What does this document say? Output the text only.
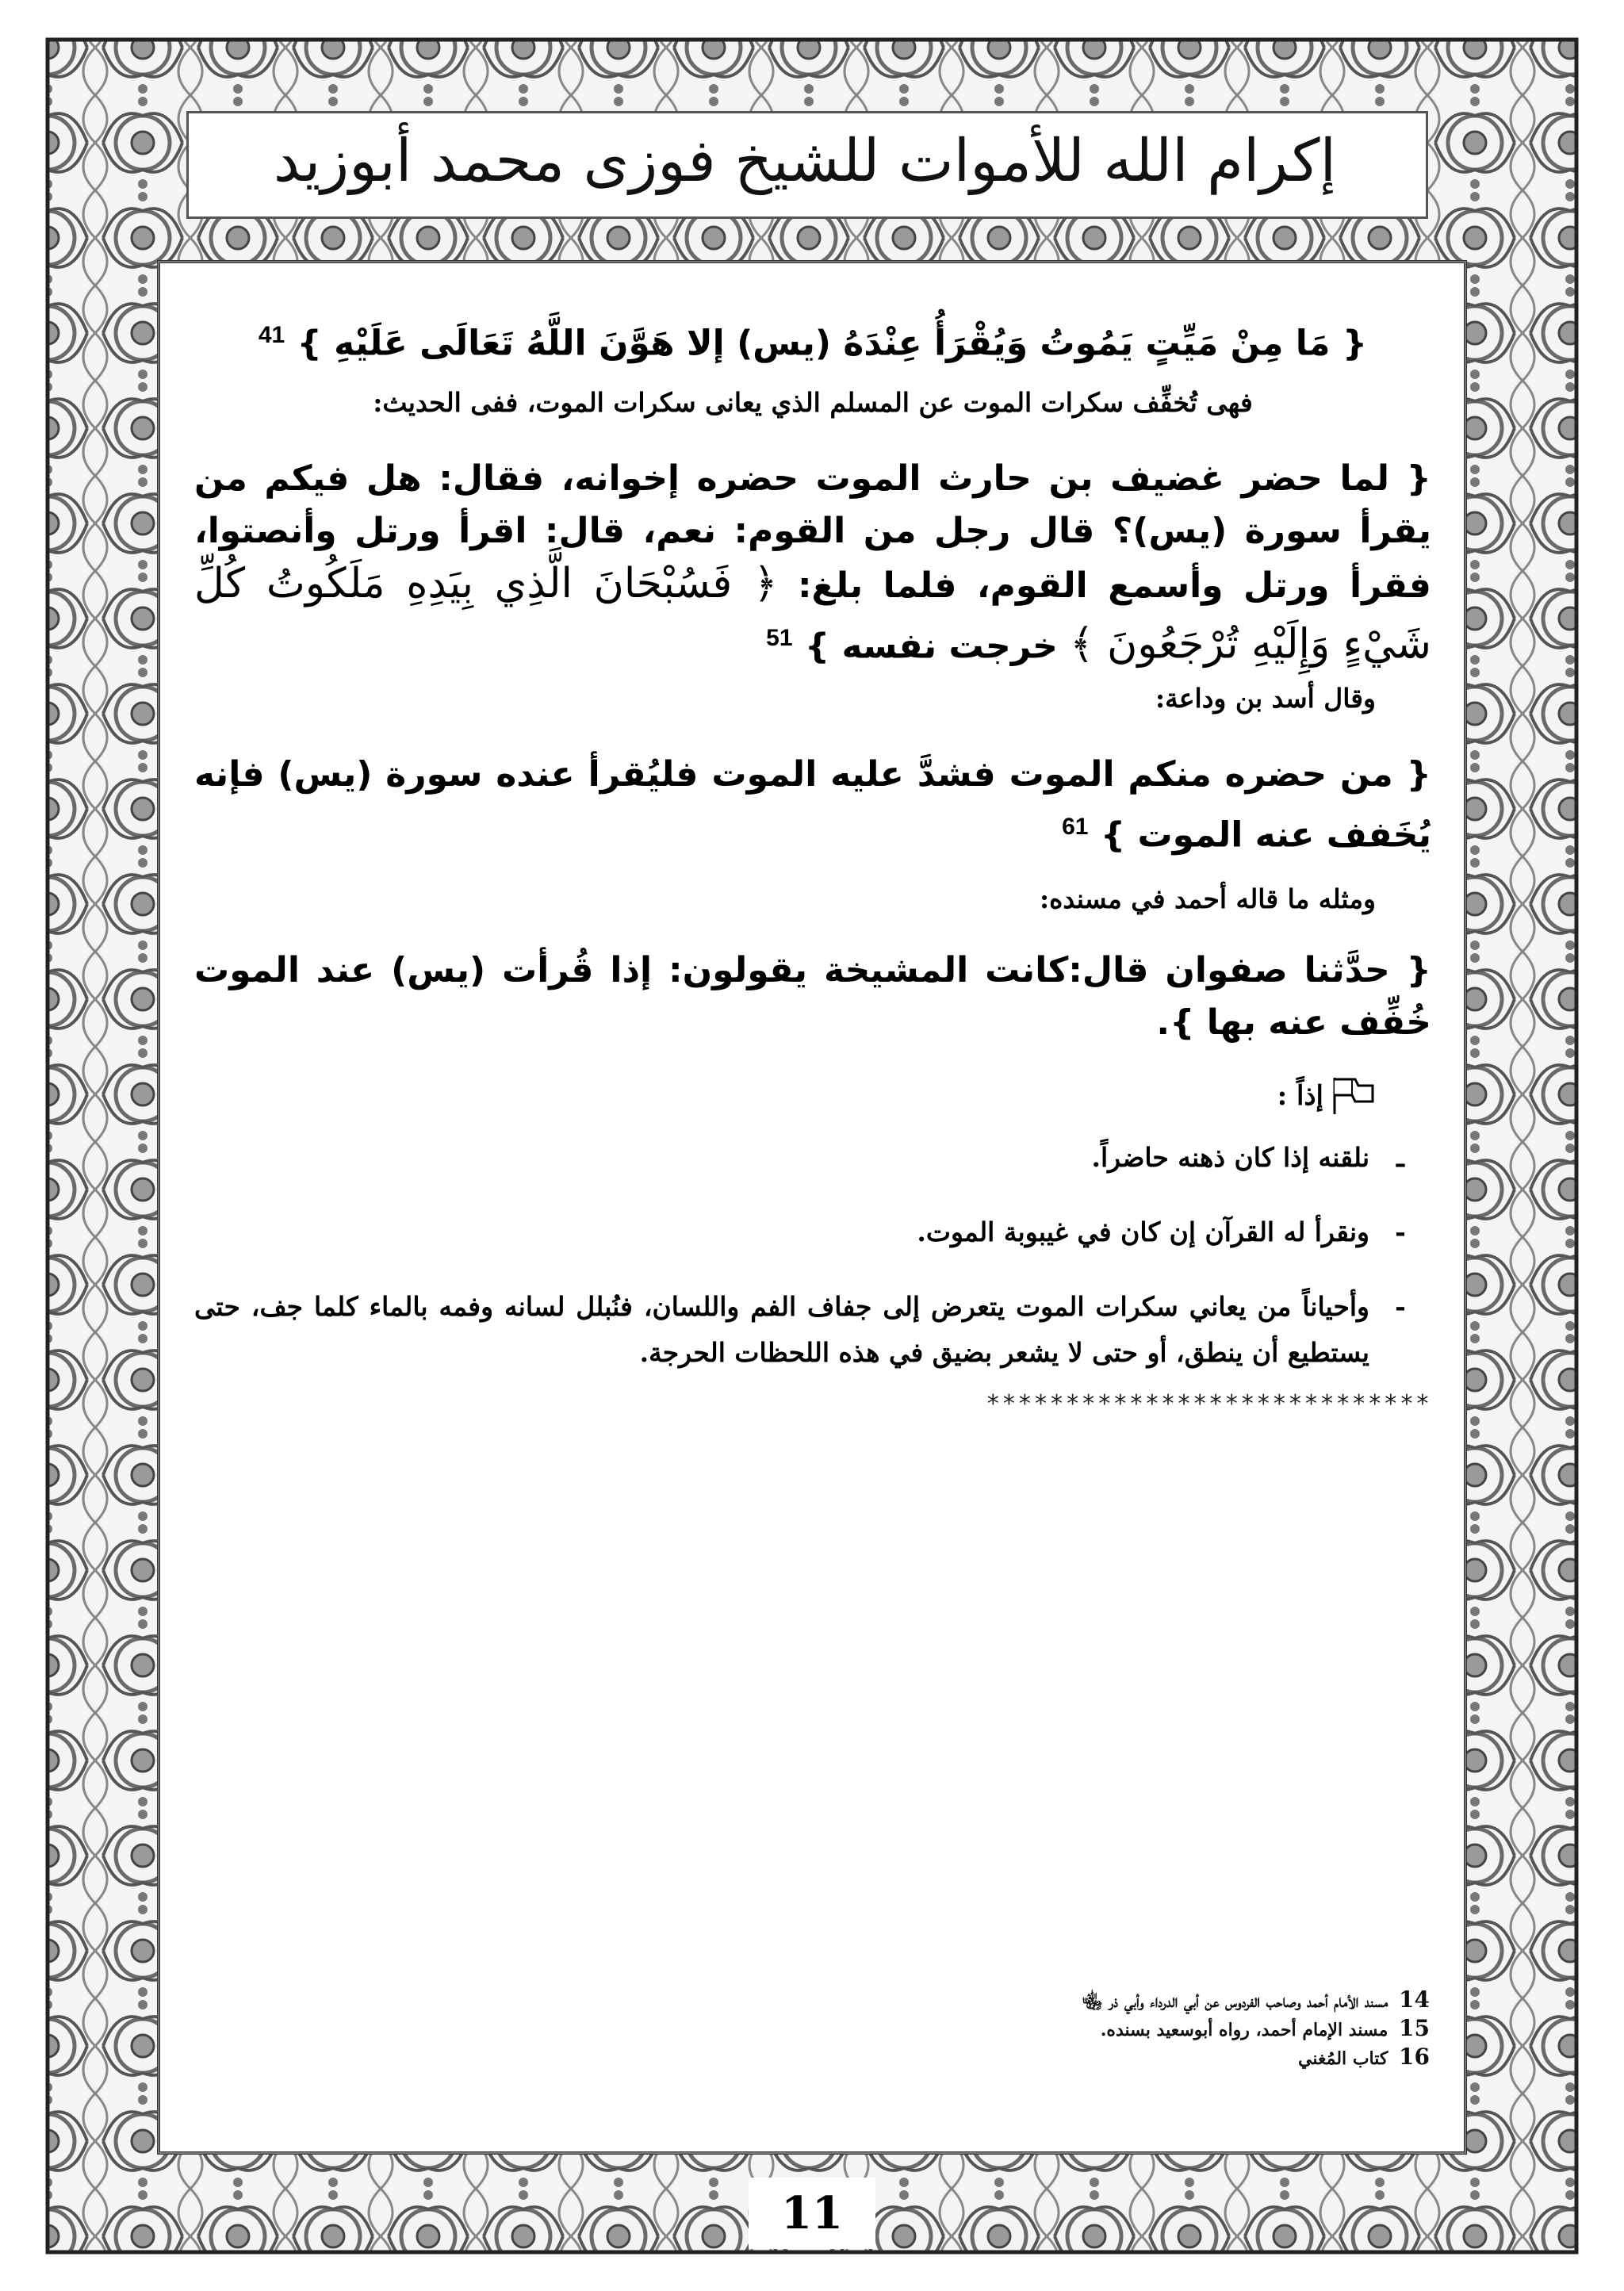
إكرام الله للأموات للشيخ فوزى محمد أبوزيد

{ مَا مِنْ مَيِّتٍ يَمُوتُ وَيُقْرَأُ عِنْدَهُ (يس) إلا هَوَّنَ اللَّهُ تَعَالَى عَلَيْهِ } $^{41}$

فهى تُخفِّف سكرات الموت عن المسلم الذي يعانى سكرات الموت، ففى الحديث:

{ لما حضر غضيف بن حارث الموت حضره إخوانه، فقال: هل فيكم من يقرأ سورة (يس)؟ قال رجل من القوم: نعم، قال: اقرأ ورتل وأنصتوا، فقرأ ورتل وأسمع القوم، فلما بلغ: ﴿ فَسُبْحَانَ الَّذِي بِيَدِهِ مَلَكُوتُ كُلِّ شَيْءٍ وَإِلَيْهِ تُرْجَعُونَ ﴾ خرجت نفسه } $^{51}$

وقال أسد بن وداعة:

{ من حضره منكم الموت فشدَّ عليه الموت فليُقرأ عنده سورة (يس) فإنه يُخَفف عنه الموت } $^{61}$

ومثله ما قاله أحمد في مسنده:

{ حدَّثنا صفوان قال:كانت المشيخة يقولون: إذا قُرأت (يس) عند الموت خُفِّف عنه بها }.

إذاً :
ـ
نلقنه إذا كان ذهنه حاضراً.
-
ونقرأ له القرآن إن كان في غيبوبة الموت.
-
وأحياناً من يعاني سكرات الموت يتعرض إلى جفاف الفم واللسان، فنُبلل لسانه وفمه بالماء كلما جف، حتى يستطيع أن ينطق، أو حتى لا يشعر بضيق في هذه اللحظات الحرجة.
****************************
14 مسند الأمام أحمد وصاحب الفردوس عن أبي الدرداء وأبي ذر ﵄
15 مسند الإمام أحمد، رواه أبوسعيد بسنده.
16 كتاب المُغني
11
